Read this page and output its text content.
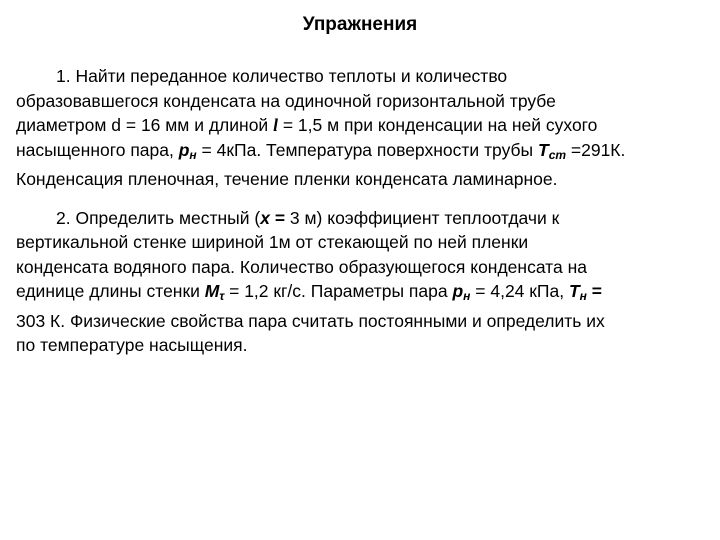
Упражнения

1. Найти переданное количество теплоты и количество
образовавшегося конденсата на одиночной горизонтальной трубе
диаметром d = 16 мм и длиной l = 1,5 м при конденсации на ней сухого
насыщенного пара, $p_н = 4кПа$. Температура поверхности трубы $T_{ст} =291К$.
Конденсация пленочная, течение пленки конденсата ламинарное.

2. Определить местный (x = 3 м) коэффициент теплоотдачи к
вертикальной стенке шириной 1м от стекающей по ней пленки
конденсата водяного пара. Количество образующегося конденсата на
единице длины стенки $M_\tau = 1,2$ кг/с. Параметры пара $p_н = 4,24$ кПа, $T_н$ =
303 К. Физические свойства пара считать постоянными и определить их
по температуре насыщения.
